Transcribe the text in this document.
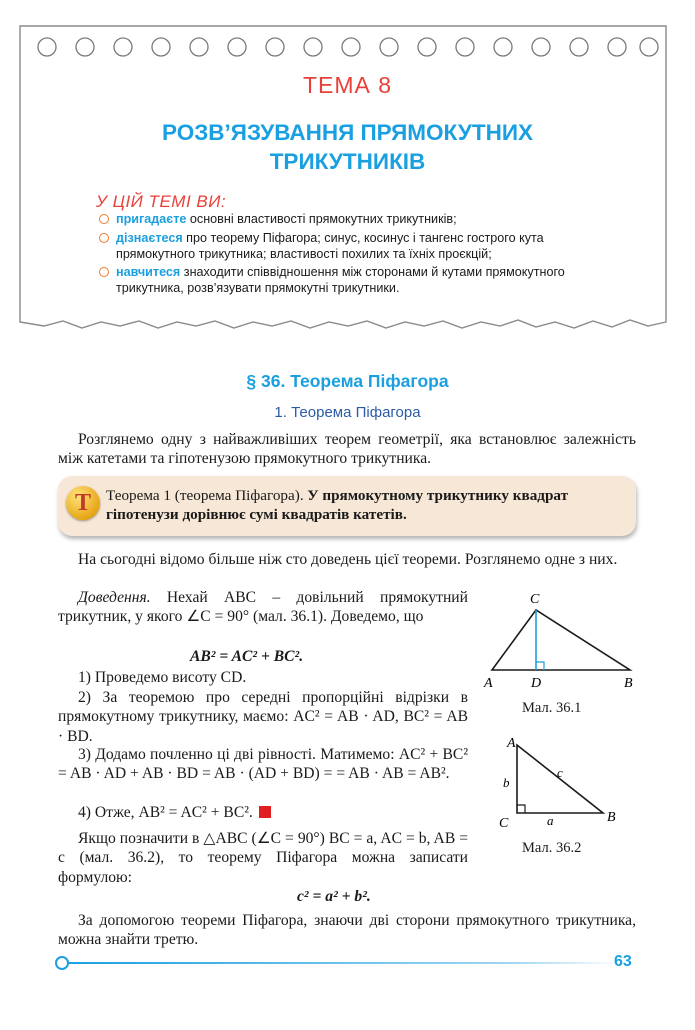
ТЕМА 8
РОЗВ’ЯЗУВАННЯ ПРЯМОКУТНИХ
ТРИКУТНИКІВ
У ЦІЙ ТЕМІ ВИ:
пригадаєте основні властивості прямокутних трикутників;
дізнаєтеся про теорему Піфагора; синус, косинус і тангенс гострого кута прямокутного трикутника; властивості похилих та їхніх проєкцій;
навчитеся знаходити співвідношення між сторонами й кутами прямокутного трикутника, розв’язувати прямокутні трикутники.
§ 36. Теорема Піфагора
1. Теорема Піфагора
Розглянемо одну з найважливіших теорем геометрії, яка встановлює залежність між катетами та гіпотенузою прямокутного трикутника.
Т Теорема 1 (теорема Піфагора). У прямокутному трикутнику квадрат гіпотенузи дорівнює сумі квадратів катетів.
На сьогодні відомо більше ніж сто доведень цієї теореми. Розглянемо одне з них.
Доведення. Нехай ABC – довільний прямокутний трикутник, у якого ∠C = 90° (мал. 36.1). Доведемо, що
AB² = AC² + BC².
1) Проведемо висоту CD.
2) За теоремою про середні пропорційні відрізки в прямокутному трикутнику, маємо: AC² = AB · AD, BC² = AB · BD.
3) Додамо почленно ці дві рівності. Матимемо: AC² + BC² = AB · AD + AB · BD = AB · (AD + BD) = = AB · AB = AB².
4) Отже, AB² = AC² + BC².
Якщо позначити в △ABC (∠C = 90°) BC = a, AC = b, AB = c (мал. 36.2), то теорему Піфагора можна записати формулою:
c² = a² + b².
За допомогою теореми Піфагора, знаючи дві сторони прямокутного трикутника, можна знайти третю.
C
A	D	B
Мал. 36.1
A
b
c
C	a	B
Мал. 36.2
63
